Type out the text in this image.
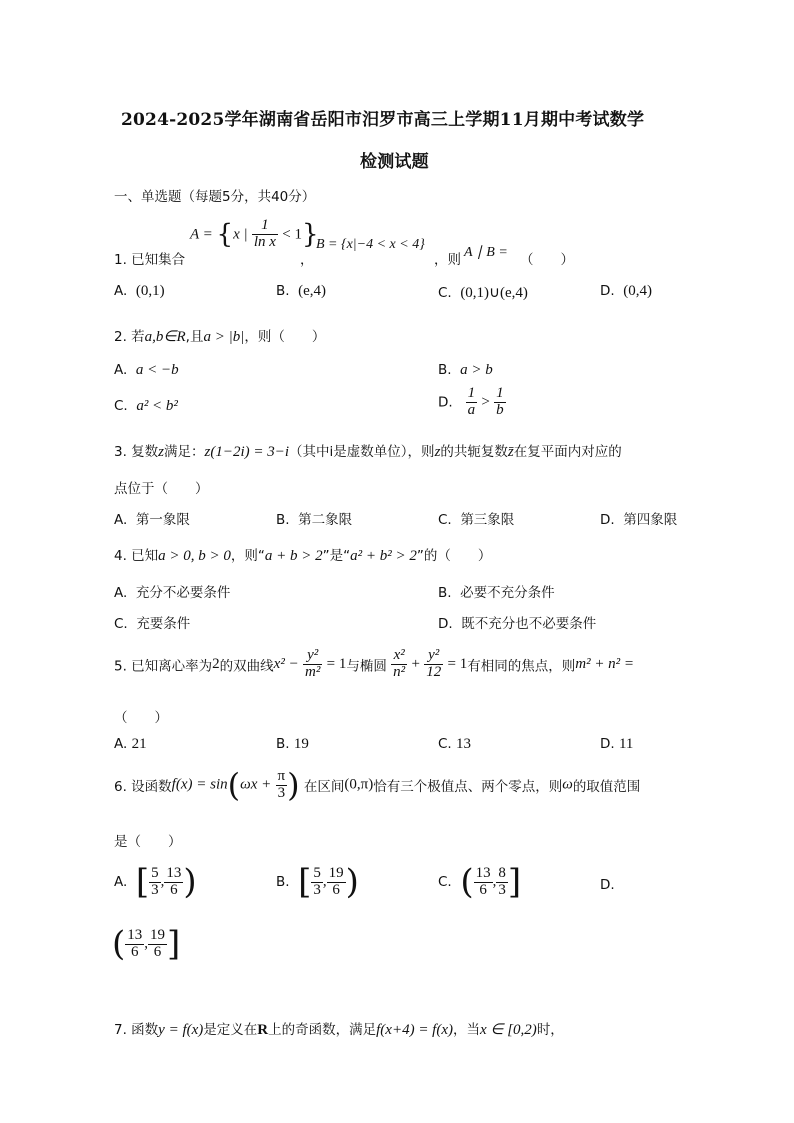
2024-2025学年湖南省岳阳市汨罗市高三上学期11月期中考试数学
检测试题
一、单选题（每题5分，共40分）
1. 已知集合
A = {x | $\frac{1}{\text{ln x}} < 1$}
，
B = {x|−4 < x < 4}
，则 A ∣ B = （　　）
A. (0,1)	B. (e,4)	C. (0,1)∪(e,4)	D. (0,4)
2. 若a,b∈R,且a > |b|，则（　　）
A. a < −b	B. a > b
C. a² < b²	D. $\frac{1}{a} > \frac{1}{b}$
3. 复数z满足：z(1−2i) = 3−i（其中i是虚数单位），则z的共轭复数z̄在复平面内对应的
点位于（　　）
A. 第一象限	B. 第二象限	C. 第三象限	D. 第四象限
4. 已知a > 0, b > 0，则“a + b > 2”是“a² + b² > 2”的（　　）
A. 充分不必要条件	B. 必要不充分条件
C. 充要条件	D. 既不充分也不必要条件
5. 已知离心率为2的双曲线$x^2 - \frac{\text{y²}}{\text{m²}} = 1$与椭圆 $\frac{\text{x²}}{\text{n²}} + \frac{\text{y²}}{12} = 1$有相同的焦点，则m² + n² =
（　　）
A. 21	B. 19	C. 13	D. 11
6. 设函数$f(x) = \sin(\omega x + \frac{\pi}{3}$ ) 在区间(0,π)恰有三个极值点、两个零点，则ω的取值范围
是（　　）
A. [ $\frac{5}{3}$ , $\frac{13}{6}$ )	B. [ $\frac{5}{3}$ , $\frac{19}{6}$ )	C. ( $\frac{13}{6}$ , $\frac{8}{3}$ ]	D.
( $\frac{13}{6}$ , $\frac{19}{6}$ ]
7. 函数y = f(x)是定义在R上的奇函数，满足f(x+4) = f(x)，当x ∈ [0,2)时，
